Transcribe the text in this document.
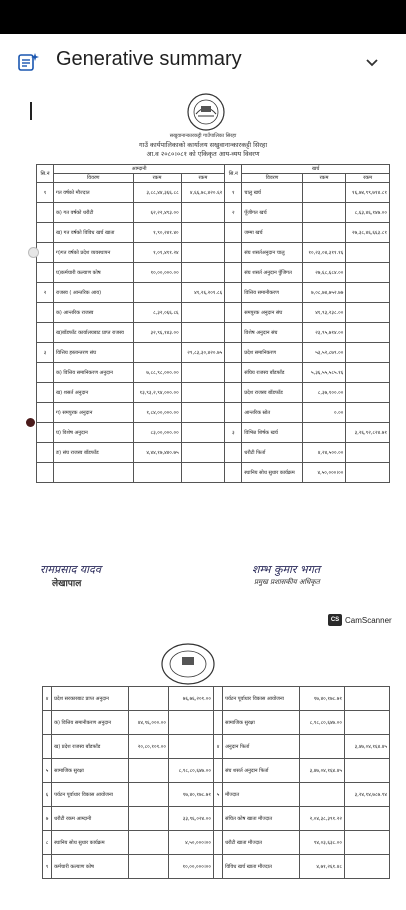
Generative summary
सखुवानान्कारकट्टी गाउँपालिका सिरहा
गाउँ कार्यपालिकाको कार्यालय सखुवानान्कारकट्टी सिरहा
आ.व २०८०।०८१ को एकिकृत आय-व्यय विवरण
सि.नं	आम्दानी			सि.नं	खर्च		
	विवरण	रकम	रकम		विवरण	रकम	रकम
१	गत वर्षको मौज्दात	३,८८,४४,३६६.८८	४,६६,७८,४२०.६२	१	चालु खर्च		१६,७४,९९,७१४.८१
	क) गत वर्षको धरौटी	६२,२२,४९३.००		२	पूँजीगत खर्च		८,६३,४६,१४७.००
	ख) गत वर्षको विविध खर्च खाता	१,९०,२४१.४०			जम्मा खर्च		२७,३८,४६,६६३.८१
	ग)गत वर्षको प्रदेश व्यवस्थापन	१,०१,४११.२४			संघ शसर्तअनुदान चालु	१०,२३,०४,३११.१६	
	घ)कर्मचारी कल्याण कोष	१०,००,०००.००			संघ शसर्त अनुदान पुँजिगत	२७,६८,६८४.००	
२	राजस्व ( आन्तरिक आय)		४१,२६,२०१.८६		वित्तिय समानीकरण	७,०८,७४,७५२.७७	
	क) आन्तरिक राजस्व	८,३२,०६६.८६			समपुरक अनुदान संघ	४१,९३,२३८.००	
	ख)बाँडफाँट कार्यालयबाट प्राप्त राजस्व	३२,९६,१४३.००			विशेष अनुदान संघ	२३,९५,७१४.००	
३	वित्तिय हस्तान्तरण संघ		२९,८३,३०,४२०.७५		प्रदेश समानिकरण	५३,५२,८७९.००	
	क) वित्तिय समानिकरण अनुदान	७,८८,९८,०००.००			संघिय राजस्व बाँडफाँड	५,३६,५५,५८५.१६	
	ख) शसर्त अनुदान	१३,९३,२,९४,०००.००			प्रदेश राजस्व बाँडफाँड	८,३७,१००.००	
	ग) समपुरक अनुदान	१,८४,००,०००.००			आन्तरिक स्रोत	०.००	
	घ) विशेष अनुदान	८३,००,०००.००		३	विभिन्न शिर्षक खर्च		३,२६,९२,८२४.७१
	ङ) संघ राजस्व बाँडफाँड	४,४४,१७,४४०.७५			धरौटी फिर्ता	४,२४,५००.००	
					स्थानिय सोध सुधार कार्यक्रम	४,५०,०००।००	
रामप्रसाद यादव
लेखापाल
शम्भ कुमार भगत
प्रमुख प्रशासकीय अधिकृत
CS CamScanner
४	प्रदेश सरकारबाट प्राप्त अनुदान		७६,७६,२०१.००		पर्यटन पूर्वाधार विकास आयोजना	१७,४०,१७८.७१	
	क) वित्तिय समानीकरण अनुदान	४४,९६,०००.००			सामाजिक सुरक्षा	८,९८,८०,६४७.००	
	ख) प्रदेश राजस्व बाँडफाँड	२०,८०,१०१.००		४	अनुदान फिर्ता		३,४७,०४,१६४.४५
५	सामाजिक सुरक्षा		८,९८,८०,६४७.००		संघ शसर्त अनुदान फिर्ता	३,४७,०४,१६४.४५	
६	पर्यटन पूर्वाधार विकास आयोजना		१७,४०,१७८.७१	५	मौज्दात		३,२४,१४,७८७.९४
७	धरौटी रकम आम्दानी		३३,९६,०२४.००		संचित कोष खाता मौज्दात	२,०४,३८,३९१.२२	
८	स्थानिय सोध सुधार कार्यक्रम		४,५०,०००।००		धरौटी खाता मौज्दात	९४,०३,६३८.००	
९	कर्मचारी कल्याण कोष		१०,००,०००।००		विविध खर्च खाता मौज्दात	४,७१,२६१.४८	
